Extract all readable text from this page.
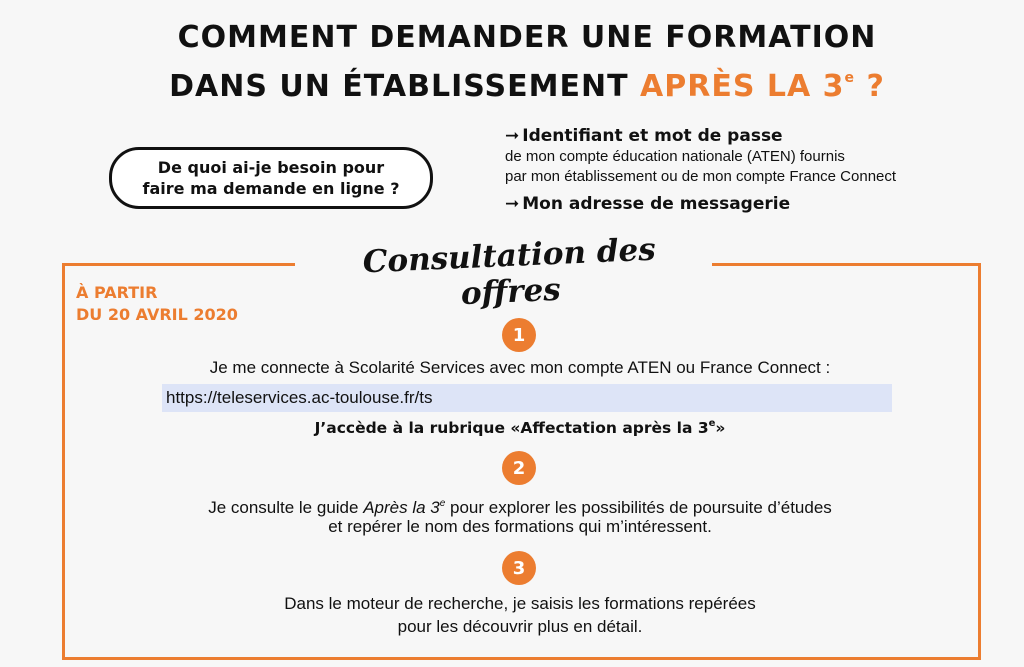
COMMENT DEMANDER UNE FORMATION
DANS UN ÉTABLISSEMENT APRÈS LA 3e ?
De quoi ai-je besoin pour
faire ma demande en ligne ?
➞ Identifiant et mot de passe
de mon compte éducation nationale (ATEN) fournis
par mon établissement ou de mon compte France Connect
➞ Mon adresse de messagerie
Consultation des offres
À PARTIR
DU 20 AVRIL 2020
1
Je me connecte à Scolarité Services avec mon compte ATEN ou France Connect :
https://teleservices.ac-toulouse.fr/ts
J’accède à la rubrique «Affectation après la 3e»
2
Je consulte le guide Après la 3e pour explorer les possibilités de poursuite d’études
et repérer le nom des formations qui m’intéressent.
3
Dans le moteur de recherche, je saisis les formations repérées
pour les découvrir plus en détail.
